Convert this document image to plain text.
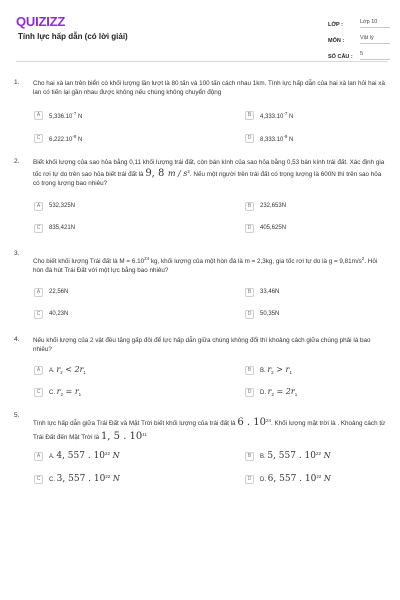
QUIZIZZ
Tính lực hấp dẫn (có lời giải)
LỚP :	Lớp 10
MÔN :	Vật lý
SỐ CÂU :	5
1. Cho hai xà lan trên biển có khối lượng lần lượt là 80 tấn và 100 tấn cách nhau 1km. Tính lực hấp dẫn của hai xà lan hỏi hai xà lan có tiến lại gần nhau được không nếu chúng không chuyển động
A	$5,336.10^{-7}$ N	B	$4,333.10^{-7}$ N
C	$6,222.10^{-8}$ N	D	$8,333.10^{-9}$ N
2. Biết khối lượng của sao hỏa bằng 0,11 khối lượng trái đất, còn bán kính của sao hỏa bằng 0,53 bán kính trái đất. Xác định gia tốc rơi tự do trên sao hỏa biết trái đất là 9, 8 m / $s^2$. Nếu một người trên trái đất có trọng lượng là 600N thì trên sao hỏa có trọng lượng bao nhiêu?
A	532,325N	B	232,653N
C	835,421N	D	405,625N
3.
Cho biết khối lượng Trái đất là $M = 6.10^{24}$ kg, khối lượng của một hòn đá là m = 2,3kg, gia tốc rơi tự do là $g = 9,81m/s^2$. Hỏi hòn đá hút Trái Đất với một lực bằng bao nhiêu?
A	22,56N	B	33,46N
C	40,23N	D	50,35N
4. Nếu khối lượng của 2 vật đều tăng gấp đôi để lực hấp dẫn giữa chúng không đổi thì khoảng cách giữa chúng phải là bao nhiêu?
A	A. $r_2 < 2r_1$	B	B. $r_2 > r_1$
C	C. $r_2 = r_1$	D	D. $r_2 = 2r_1$
5.
Tính lực hấp dẫn giữa Trái Đất và Mặt Trời biết khối lượng của trái đất là 6 . $10^{24}$. Khối lượng mặt trời là . Khoảng cách từ Trái Đất đến Mặt Trời là 1, 5 . $10^{11}$
A	A. 4, 557 . $10^{22}$ N	B	B. 5, 557 . $10^{22}$ N
C	C. 3, 557 . $10^{22}$ N	D	D. 6, 557 . $10^{22}$ N
